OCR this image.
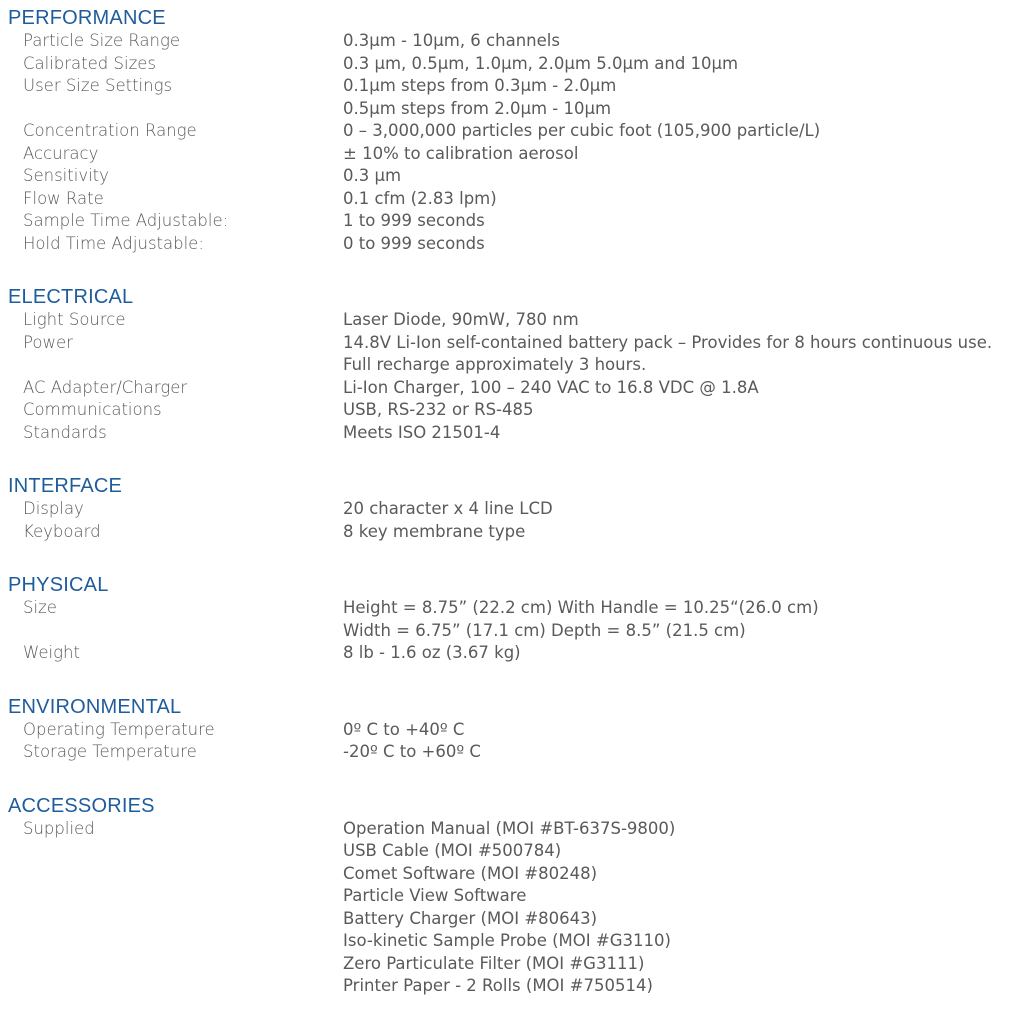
PERFORMANCE
Particle Size Range	0.3µm - 10µm, 6 channels
Calibrated Sizes	0.3 µm, 0.5µm, 1.0µm, 2.0µm 5.0µm and 10µm
User Size Settings	0.1µm steps from 0.3µm - 2.0µm
0.5µm steps from 2.0µm - 10µm
Concentration Range	0 – 3,000,000 particles per cubic foot (105,900 particle/L)
Accuracy	± 10% to calibration aerosol
Sensitivity	0.3 µm
Flow Rate	0.1 cfm (2.83 lpm)
Sample Time Adjustable:	1 to 999 seconds
Hold Time Adjustable:	0 to 999 seconds
ELECTRICAL
Light Source	Laser Diode, 90mW, 780 nm
Power	14.8V Li-Ion self-contained battery pack – Provides for 8 hours continuous use.
Full recharge approximately 3 hours.
AC Adapter/Charger	Li-Ion Charger, 100 – 240 VAC to 16.8 VDC @ 1.8A
Communications	USB, RS-232 or RS-485
Standards	Meets ISO 21501-4
INTERFACE
Display	20 character x 4 line LCD
Keyboard	8 key membrane type
PHYSICAL
Size	Height = 8.75” (22.2 cm) With Handle = 10.25“(26.0 cm)
Width = 6.75” (17.1 cm) Depth = 8.5” (21.5 cm)
Weight	8 lb - 1.6 oz (3.67 kg)
ENVIRONMENTAL
Operating Temperature	0º C to +40º C
Storage Temperature	-20º C to +60º C
ACCESSORIES
Supplied	Operation Manual (MOI #BT-637S-9800)
USB Cable (MOI #500784)
Comet Software (MOI #80248)
Particle View Software
Battery Charger (MOI #80643)
Iso-kinetic Sample Probe (MOI #G3110)
Zero Particulate Filter (MOI #G3111)
Printer Paper - 2 Rolls (MOI #750514)
